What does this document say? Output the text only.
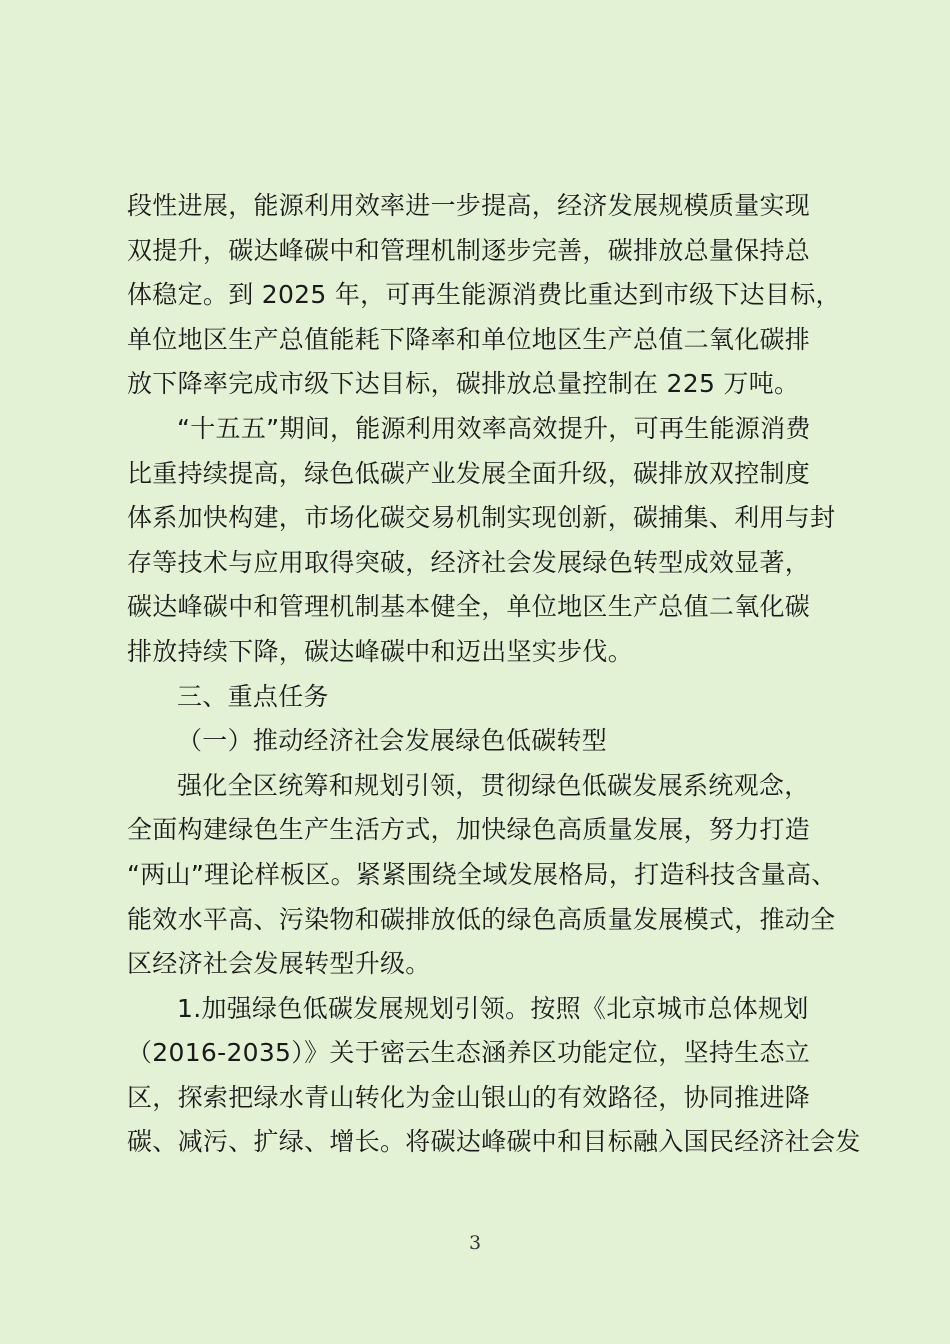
段性进展，能源利用效率进一步提高，经济发展规模质量实现
双提升，碳达峰碳中和管理机制逐步完善，碳排放总量保持总
体稳定。到 2025 年，可再生能源消费比重达到市级下达目标，
单位地区生产总值能耗下降率和单位地区生产总值二氧化碳排
放下降率完成市级下达目标，碳排放总量控制在 225 万吨。
“十五五”期间，能源利用效率高效提升，可再生能源消费
比重持续提高，绿色低碳产业发展全面升级，碳排放双控制度
体系加快构建，市场化碳交易机制实现创新，碳捕集、利用与封
存等技术与应用取得突破，经济社会发展绿色转型成效显著，
碳达峰碳中和管理机制基本健全，单位地区生产总值二氧化碳
排放持续下降，碳达峰碳中和迈出坚实步伐。
三、重点任务
（一）推动经济社会发展绿色低碳转型
强化全区统筹和规划引领，贯彻绿色低碳发展系统观念，
全面构建绿色生产生活方式，加快绿色高质量发展，努力打造
“两山”理论样板区。紧紧围绕全域发展格局，打造科技含量高、
能效水平高、污染物和碳排放低的绿色高质量发展模式，推动全
区经济社会发展转型升级。
1.加强绿色低碳发展规划引领。按照《北京城市总体规划
（2016-2035）》关于密云生态涵养区功能定位，坚持生态立
区，探索把绿水青山转化为金山银山的有效路径，协同推进降
碳、减污、扩绿、增长。将碳达峰碳中和目标融入国民经济社会发
3
